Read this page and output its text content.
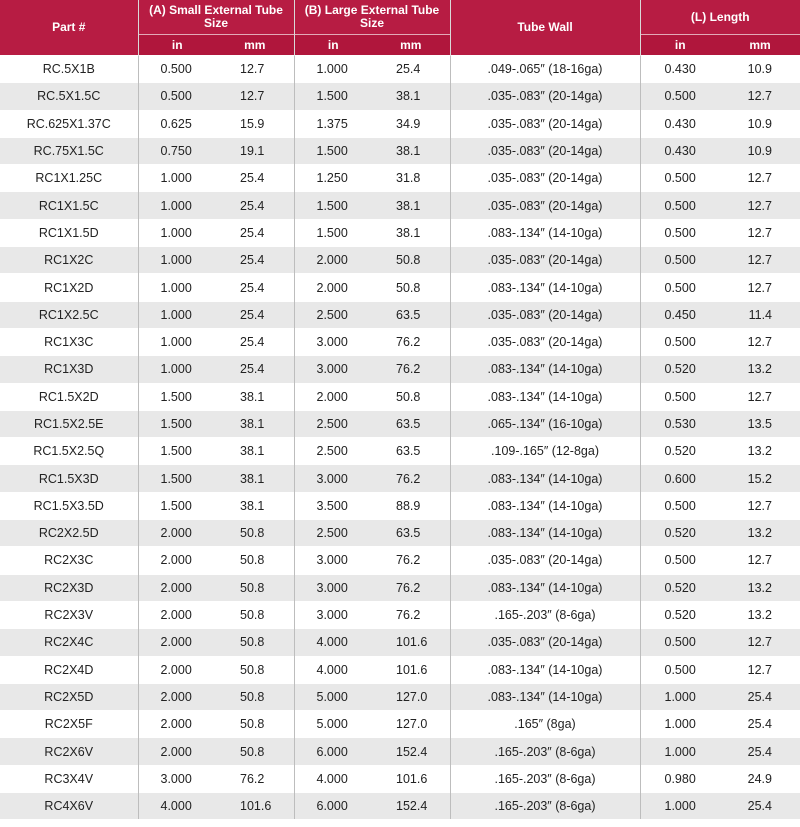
Part #	(A) Small External Tube Size		(B) Large External Tube Size		Tube Wall	(L) Length	
	in	mm	in	mm		in	mm
RC.5X1B	0.500	12.7	1.000	25.4	.049-.065″ (18-16ga)	0.430	10.9
RC.5X1.5C	0.500	12.7	1.500	38.1	.035-.083″ (20-14ga)	0.500	12.7
RC.625X1.37C	0.625	15.9	1.375	34.9	.035-.083″ (20-14ga)	0.430	10.9
RC.75X1.5C	0.750	19.1	1.500	38.1	.035-.083″ (20-14ga)	0.430	10.9
RC1X1.25C	1.000	25.4	1.250	31.8	.035-.083″ (20-14ga)	0.500	12.7
RC1X1.5C	1.000	25.4	1.500	38.1	.035-.083″ (20-14ga)	0.500	12.7
RC1X1.5D	1.000	25.4	1.500	38.1	.083-.134″ (14-10ga)	0.500	12.7
RC1X2C	1.000	25.4	2.000	50.8	.035-.083″ (20-14ga)	0.500	12.7
RC1X2D	1.000	25.4	2.000	50.8	.083-.134″ (14-10ga)	0.500	12.7
RC1X2.5C	1.000	25.4	2.500	63.5	.035-.083″ (20-14ga)	0.450	11.4
RC1X3C	1.000	25.4	3.000	76.2	.035-.083″ (20-14ga)	0.500	12.7
RC1X3D	1.000	25.4	3.000	76.2	.083-.134″ (14-10ga)	0.520	13.2
RC1.5X2D	1.500	38.1	2.000	50.8	.083-.134″ (14-10ga)	0.500	12.7
RC1.5X2.5E	1.500	38.1	2.500	63.5	.065-.134″ (16-10ga)	0.530	13.5
RC1.5X2.5Q	1.500	38.1	2.500	63.5	.109-.165″ (12-8ga)	0.520	13.2
RC1.5X3D	1.500	38.1	3.000	76.2	.083-.134″ (14-10ga)	0.600	15.2
RC1.5X3.5D	1.500	38.1	3.500	88.9	.083-.134″ (14-10ga)	0.500	12.7
RC2X2.5D	2.000	50.8	2.500	63.5	.083-.134″ (14-10ga)	0.520	13.2
RC2X3C	2.000	50.8	3.000	76.2	.035-.083″ (20-14ga)	0.500	12.7
RC2X3D	2.000	50.8	3.000	76.2	.083-.134″ (14-10ga)	0.520	13.2
RC2X3V	2.000	50.8	3.000	76.2	.165-.203″ (8-6ga)	0.520	13.2
RC2X4C	2.000	50.8	4.000	101.6	.035-.083″ (20-14ga)	0.500	12.7
RC2X4D	2.000	50.8	4.000	101.6	.083-.134″ (14-10ga)	0.500	12.7
RC2X5D	2.000	50.8	5.000	127.0	.083-.134″ (14-10ga)	1.000	25.4
RC2X5F	2.000	50.8	5.000	127.0	.165″ (8ga)	1.000	25.4
RC2X6V	2.000	50.8	6.000	152.4	.165-.203″ (8-6ga)	1.000	25.4
RC3X4V	3.000	76.2	4.000	101.6	.165-.203″ (8-6ga)	0.980	24.9
RC4X6V	4.000	101.6	6.000	152.4	.165-.203″ (8-6ga)	1.000	25.4
